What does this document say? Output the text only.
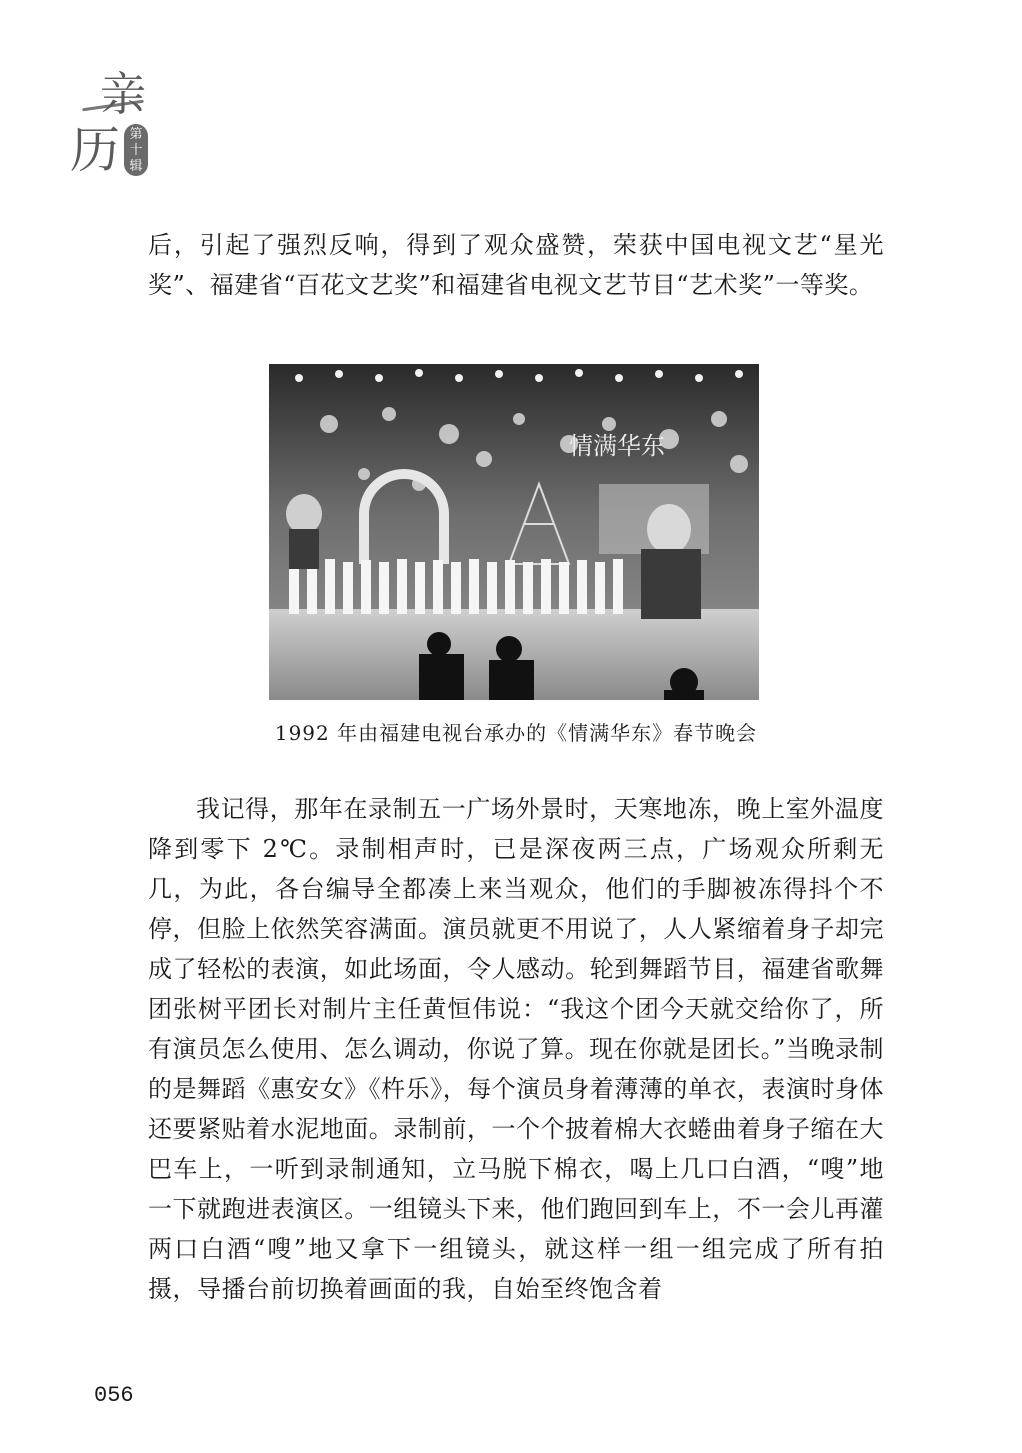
亲
历 第十辑

后，引起了强烈反响，得到了观众盛赞，荣获中国电视文艺“星光奖”、福建省“百花文艺奖”和福建省电视文艺节目“艺术奖”一等奖。

情满华东
1992 年由福建电视台承办的《情满华东》春节晚会

我记得，那年在录制五一广场外景时，天寒地冻，晚上室外温度降到零下 2℃。录制相声时，已是深夜两三点，广场观众所剩无几，为此，各台编导全都凑上来当观众，他们的手脚被冻得抖个不停，但脸上依然笑容满面。演员就更不用说了，人人紧缩着身子却完成了轻松的表演，如此场面，令人感动。轮到舞蹈节目，福建省歌舞团张树平团长对制片主任黄恒伟说：“我这个团今天就交给你了，所有演员怎么使用、怎么调动，你说了算。现在你就是团长。”当晚录制的是舞蹈《惠安女》《杵乐》，每个演员身着薄薄的单衣，表演时身体还要紧贴着水泥地面。录制前，一个个披着棉大衣蜷曲着身子缩在大巴车上，一听到录制通知，立马脱下棉衣，喝上几口白酒，“嗖”地一下就跑进表演区。一组镜头下来，他们跑回到车上，不一会儿再灌两口白酒“嗖”地又拿下一组镜头，就这样一组一组完成了所有拍摄，导播台前切换着画面的我，自始至终饱含着

056
